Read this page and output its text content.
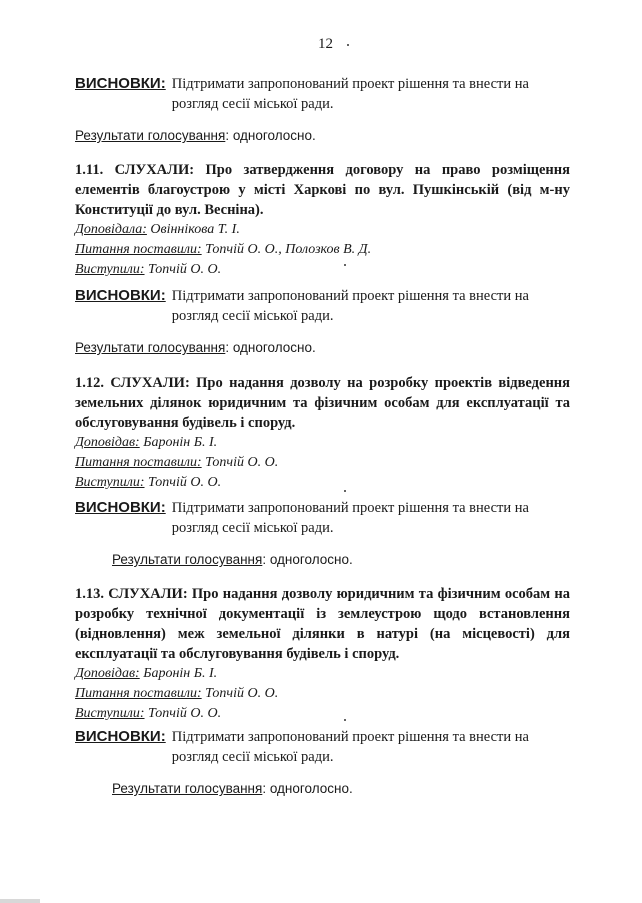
12
ВИСНОВКИ: Підтримати запропонований проект рішення та внести на
розгляд сесії міської ради.
Результати голосування: одноголосно.
1.11. СЛУХАЛИ: Про затвердження договору на право розміщення елементів благоустрою у місті Харкові по вул. Пушкінській (від м-ну Конституції до вул. Весніна).
Доповідала: Овіннікова Т. І.
Питання поставили: Топчій О. О., Полозков В. Д.
Виступили: Топчій О. О.
ВИСНОВКИ: Підтримати запропонований проект рішення та внести на
розгляд сесії міської ради.
Результати голосування: одноголосно.
1.12. СЛУХАЛИ: Про надання дозволу на розробку проектів відведення земельних ділянок юридичним та фізичним особам для експлуатації та обслуговування будівель і споруд.
Доповідав: Баронін Б. І.
Питання поставили: Топчій О. О.
Виступили: Топчій О. О.
ВИСНОВКИ: Підтримати запропонований проект рішення та внести на
розгляд сесії міської ради.
Результати голосування: одноголосно.
1.13. СЛУХАЛИ: Про надання дозволу юридичним та фізичним особам на розробку технічної документації із землеустрою щодо встановлення (відновлення) меж земельної ділянки в натурі (на місцевості) для експлуатації та обслуговування будівель і споруд.
Доповідав: Баронін Б. І.
Питання поставили: Топчій О. О.
Виступили: Топчій О. О.
ВИСНОВКИ: Підтримати запропонований проект рішення та внести на
розгляд сесії міської ради.
Результати голосування: одноголосно.
